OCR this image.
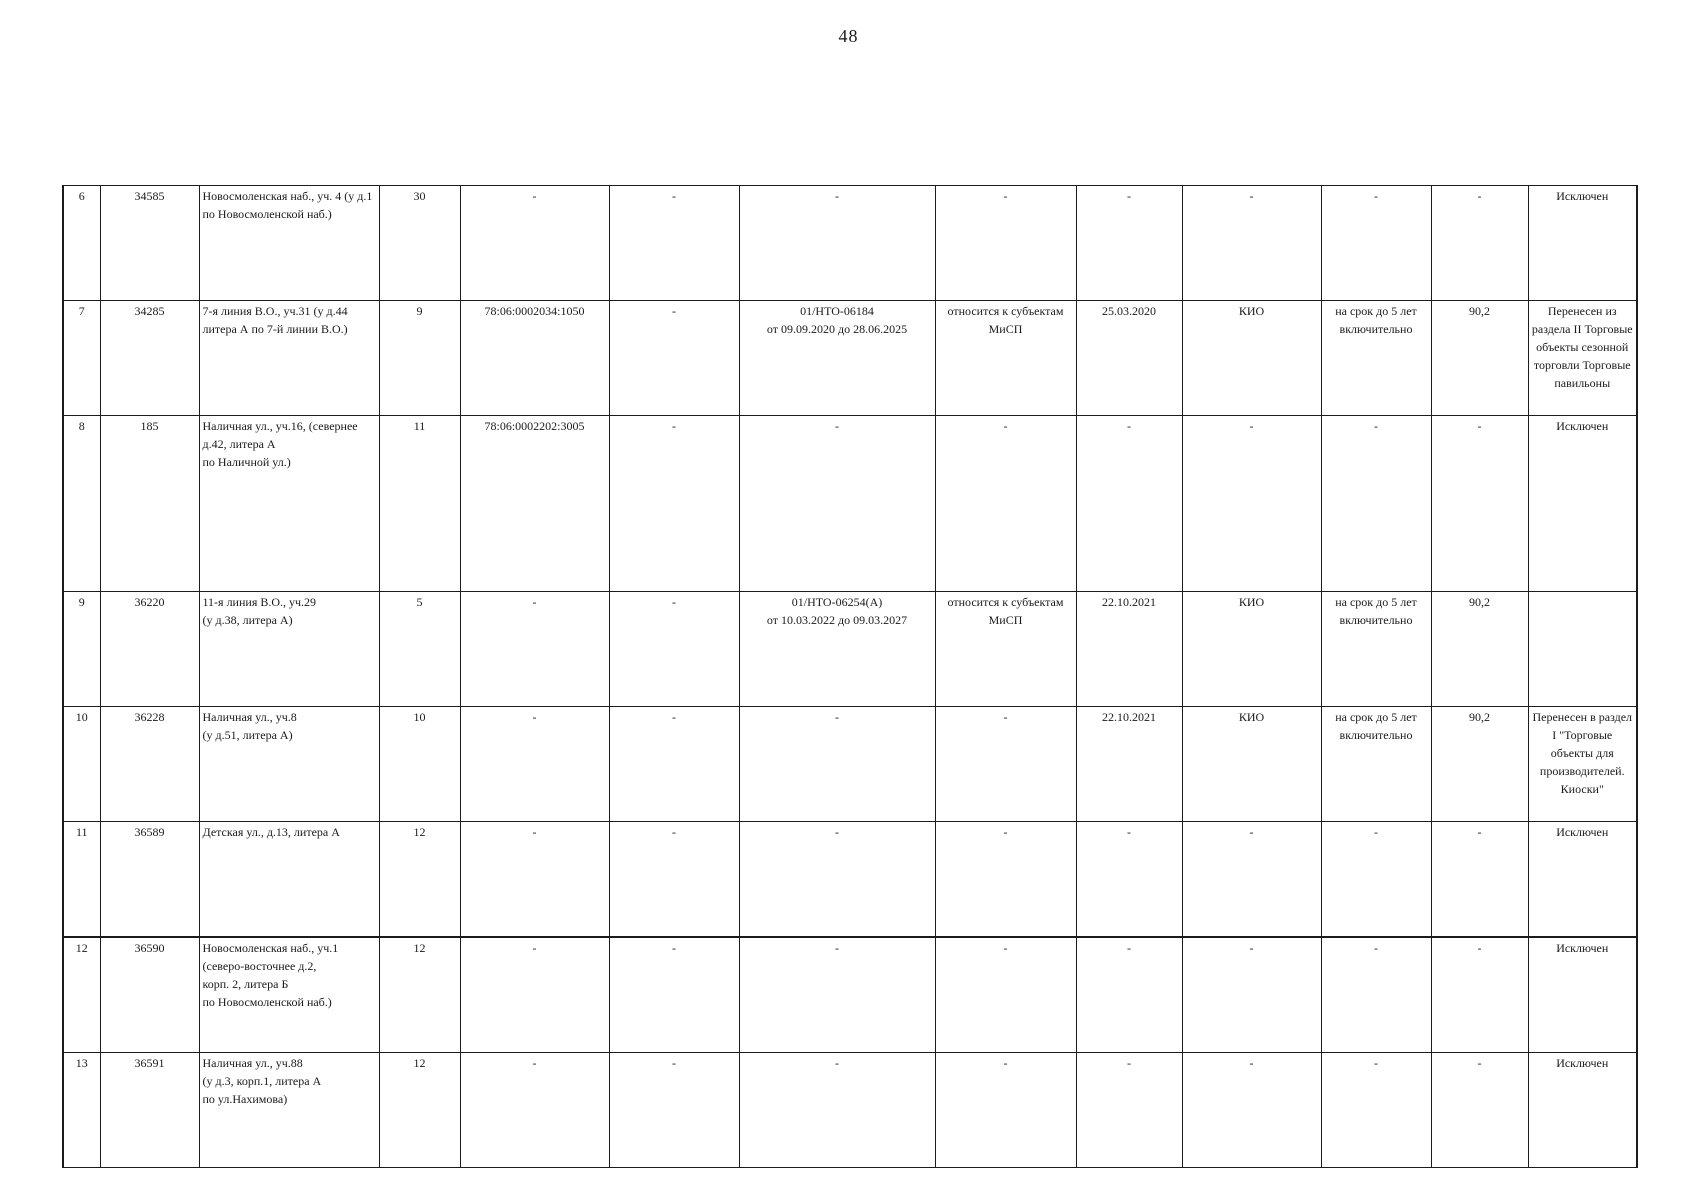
48
6	34585	Новосмоленская наб., уч. 4 (у д.1 по Новосмоленской наб.)	30	-	-	-	-	-	-	-	-	Исключен
7	34285	7-я линия В.О., уч.31 (у д.44 литера А по 7-й линии В.О.)	9	78:06:0002034:1050	-	01/НТО-06184
от 09.09.2020 до 28.06.2025	относится к субъектам МиСП	25.03.2020	КИО	на срок до 5 лет включительно	90,2	Перенесен из раздела II Торговые объекты сезонной торговли Торговые павильоны
8	185	Наличная ул., уч.16, (севернее д.42, литера А
по Наличной ул.)	11	78:06:0002202:3005	-	-	-	-	-	-	-	Исключен
9	36220	11-я линия В.О., уч.29
(у д.38, литера А)	5	-	-	01/НТО-06254(А)
от 10.03.2022 до 09.03.2027	относится к субъектам МиСП	22.10.2021	КИО	на срок до 5 лет включительно	90,2	
10	36228	Наличная ул., уч.8
(у д.51, литера А)	10	-	-	-	-	22.10.2021	КИО	на срок до 5 лет включительно	90,2	Перенесен в раздел I "Торговые объекты для производителей. Киоски"
11	36589	Детская ул., д.13, литера А	12	-	-	-	-	-	-	-	-	Исключен
12	36590	Новосмоленская наб., уч.1
(северо-восточнее д.2,
корп. 2, литера Б
по Новосмоленской наб.)	12	-	-	-	-	-	-	-	-	Исключен
13	36591	Наличная ул., уч.88
(у д.3, корп.1, литера А
по ул.Нахимова)	12	-	-	-	-	-	-	-	-	Исключен
